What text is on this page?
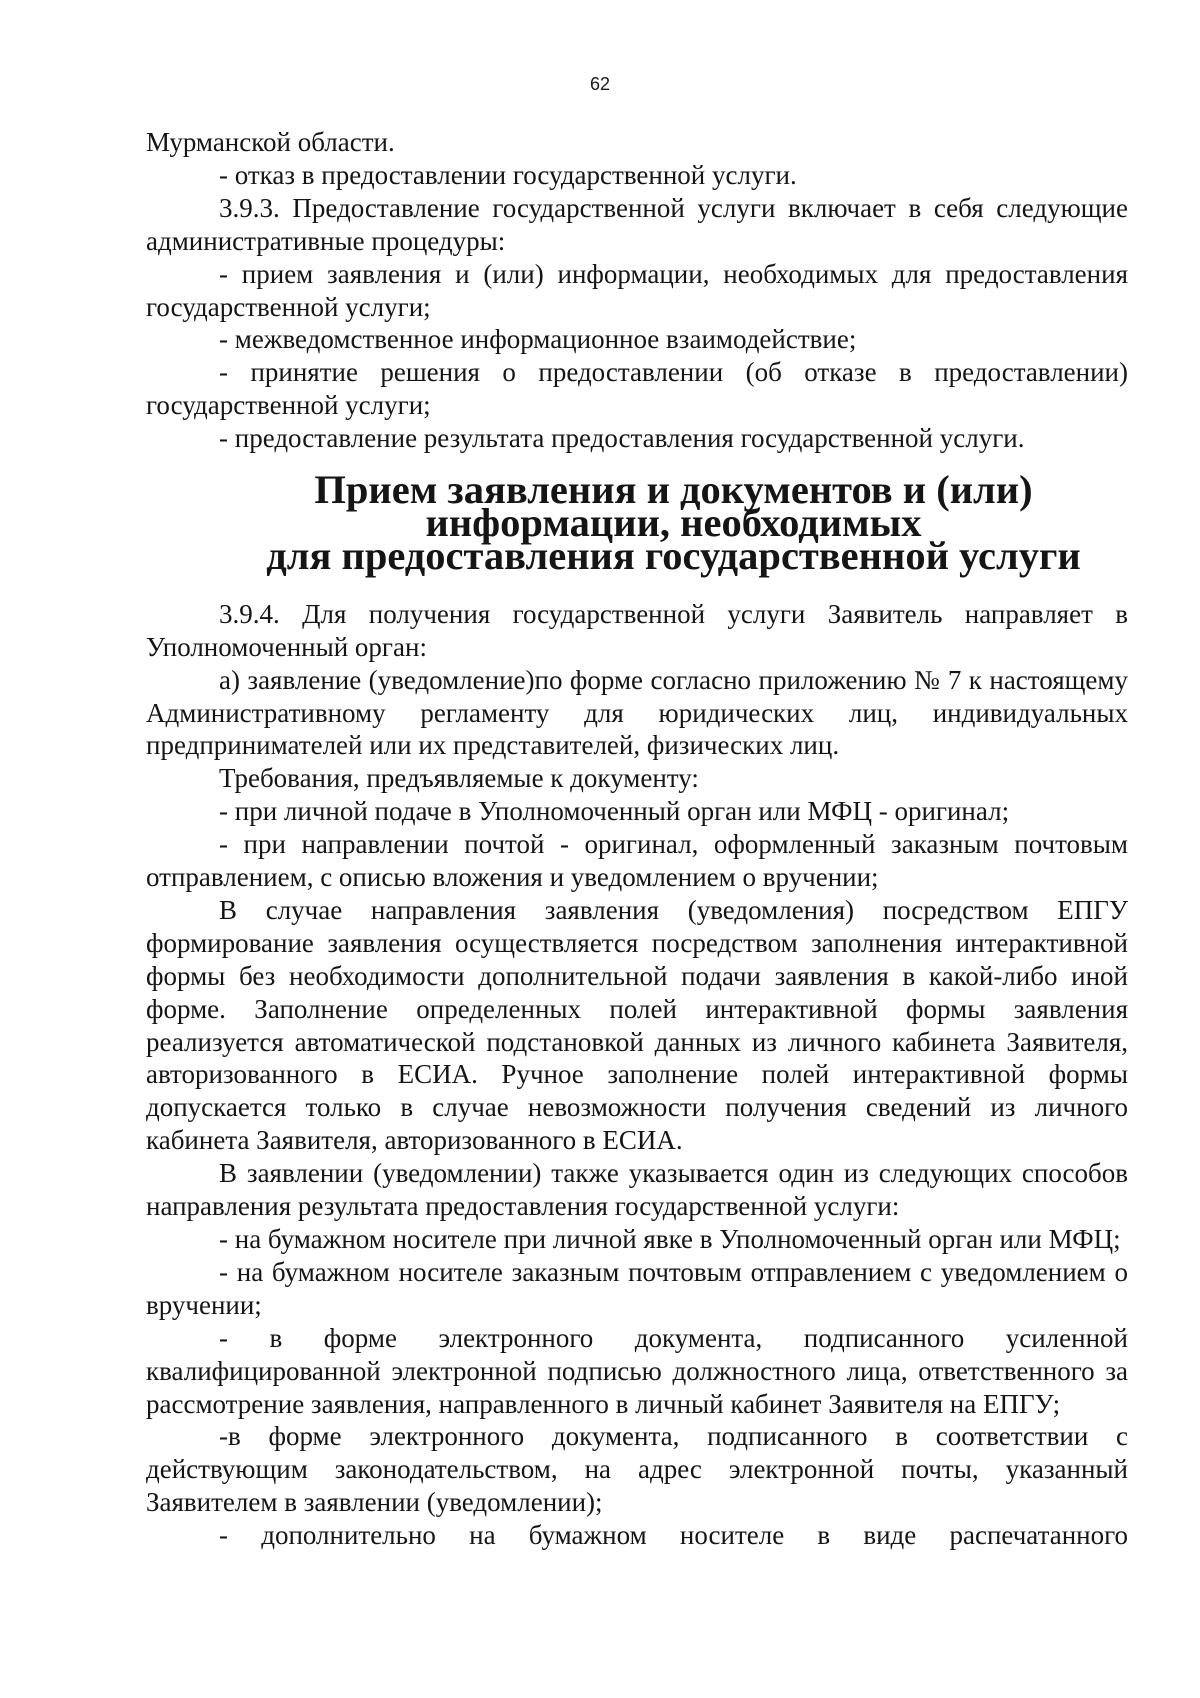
62

Мурманской области.

- отказ в предоставлении государственной услуги.

3.9.3. Предоставление государственной услуги включает в себя следующие административные процедуры:

- прием заявления и (или) информации, необходимых для предоставления государственной услуги;

- межведомственное информационное взаимодействие;

- принятие решения о предоставлении (об отказе в предоставлении) государственной услуги;

- предоставление результата предоставления государственной услуги.

Прием заявления и документов и (или) информации, необходимых
для предоставления государственной услуги

3.9.4. Для получения государственной услуги Заявитель направляет в Уполномоченный орган:

а) заявление (уведомление)по форме согласно приложению № 7 к настоящему Административному регламенту для юридических лиц, индивидуальных предпринимателей или их представителей, физических лиц.

Требования, предъявляемые к документу:

- при личной подаче в Уполномоченный орган или МФЦ - оригинал;

- при направлении почтой - оригинал, оформленный заказным почтовым отправлением, с описью вложения и уведомлением о вручении;

В случае направления заявления (уведомления) посредством ЕПГУ формирование заявления осуществляется посредством заполнения интерактивной формы без необходимости дополнительной подачи заявления в какой-либо иной форме. Заполнение определенных полей интерактивной формы заявления реализуется автоматической подстановкой данных из личного кабинета Заявителя, авторизованного в ЕСИА. Ручное заполнение полей интерактивной формы допускается только в случае невозможности получения сведений из личного кабинета Заявителя, авторизованного в ЕСИА.

В заявлении (уведомлении) также указывается один из следующих способов направления результата предоставления государственной услуги:

- на бумажном носителе при личной явке в Уполномоченный орган или МФЦ;

- на бумажном носителе заказным почтовым отправлением с уведомлением о вручении;

- в форме электронного документа, подписанного усиленной квалифицированной электронной подписью должностного лица, ответственного за рассмотрение заявления, направленного в личный кабинет Заявителя на ЕПГУ;

-в форме электронного документа, подписанного в соответствии с действующим законодательством, на адрес электронной почты, указанный Заявителем в заявлении (уведомлении);

- дополнительно на бумажном носителе в виде распечатанного
